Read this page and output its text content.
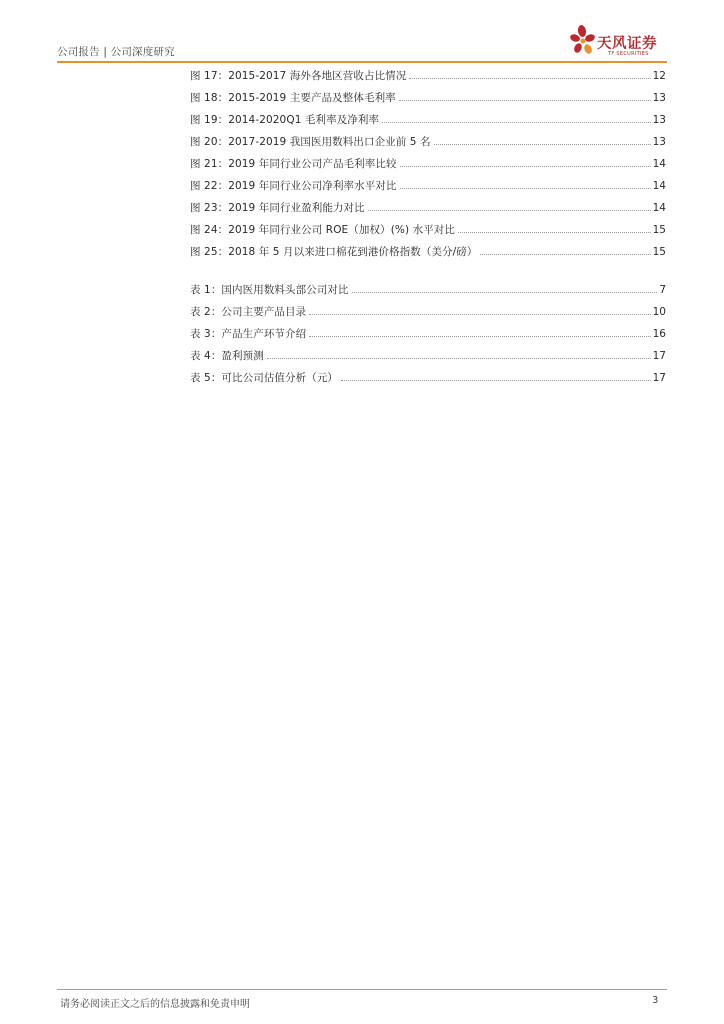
公司报告 | 公司深度研究	天风证券
TF SECURITIES
图 17：2015-2017 海外各地区营收占比情况	12
图 18：2015-2019 主要产品及整体毛利率	13
图 19：2014-2020Q1 毛利率及净利率	13
图 20：2017-2019 我国医用数料出口企业前 5 名	13
图 21：2019 年同行业公司产品毛利率比较	14
图 22：2019 年同行业公司净利率水平对比	14
图 23：2019 年同行业盈利能力对比	14
图 24：2019 年同行业公司 ROE（加权）(%) 水平对比	15
图 25：2018 年 5 月以来进口棉花到港价格指数（美分/磅）	15
表 1：国内医用数料头部公司对比	7
表 2：公司主要产品目录	10
表 3：产品生产环节介绍	16
表 4：盈利预测	17
表 5：可比公司估值分析（元）	17
请务必阅读正文之后的信息披露和免责申明	3
